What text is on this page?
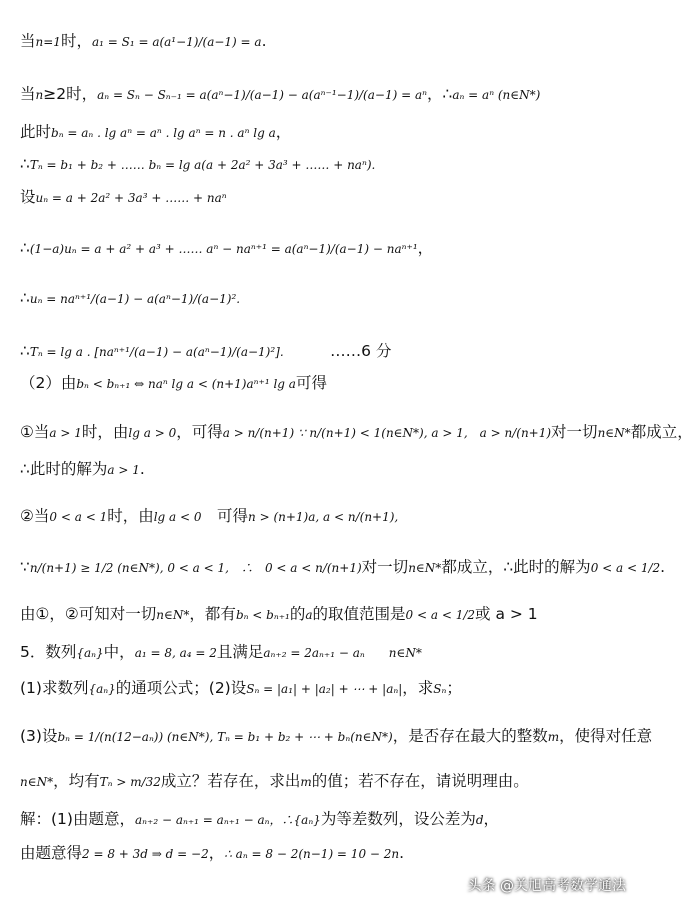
当n=1时，a₁ = S₁ = a(a¹−1)/(a−1) = a.
当n≥2时，aₙ = Sₙ − Sₙ₋₁ = a(aⁿ−1)/(a−1) − a(aⁿ⁻¹−1)/(a−1) = aⁿ，∴aₙ = aⁿ (n∈N*)
此时bₙ = aₙ . lg aⁿ = aⁿ . lg aⁿ = n . aⁿ lg a，
∴Tₙ = b₁ + b₂ + …… bₙ = lg a(a + 2a² + 3a³ + …… + naⁿ).
设uₙ = a + 2a² + 3a³ + …… + naⁿ
∴(1−a)uₙ = a + a² + a³ + …… aⁿ − naⁿ⁺¹ = a(aⁿ−1)/(a−1) − naⁿ⁺¹，
∴uₙ = naⁿ⁺¹/(a−1) − a(aⁿ−1)/(a−1)².
∴Tₙ = lg a . [naⁿ⁺¹/(a−1) − a(aⁿ−1)/(a−1)²].　　　……6 分
（2）由bₙ < bₙ₊₁ ⇔ naⁿ lg a < (n+1)aⁿ⁺¹ lg a可得
①当a > 1时，由lg a > 0，可得a > n/(n+1) ∵ n/(n+1) < 1(n∈N*), a > 1,　a > n/(n+1)对一切n∈N*都成立，
∴此时的解为a > 1.
②当0 < a < 1时，由lg a < 0　可得n > (n+1)a, a < n/(n+1),
∵n/(n+1) ≥ 1/2 (n∈N*), 0 < a < 1,　∴　0 < a < n/(n+1)对一切n∈N*都成立，∴此时的解为0 < a < 1/2.
由①，②可知对一切n∈N*，都有bₙ < bₙ₊₁的a的取值范围是0 < a < 1/2或 a > 1
5．数列{aₙ}中，a₁ = 8, a₄ = 2且满足aₙ₊₂ = 2aₙ₊₁ − aₙ　　n∈N*
(1)求数列{aₙ}的通项公式；(2)设Sₙ = |a₁| + |a₂| + ⋯ + |aₙ|，求Sₙ；
(3)设bₙ = 1/(n(12−aₙ)) (n∈N*), Tₙ = b₁ + b₂ + ⋯ + bₙ(n∈N*)，是否存在最大的整数m，使得对任意
n∈N*，均有Tₙ > m/32成立？若存在，求出m的值；若不存在，请说明理由。
解：(1)由题意，aₙ₊₂ − aₙ₊₁ = aₙ₊₁ − aₙ，∴{aₙ}为等差数列，设公差为d，
由题意得2 = 8 + 3d ⇒ d = −2，∴ aₙ = 8 − 2(n−1) = 10 − 2n.
头条 @关旭高考数学通法
